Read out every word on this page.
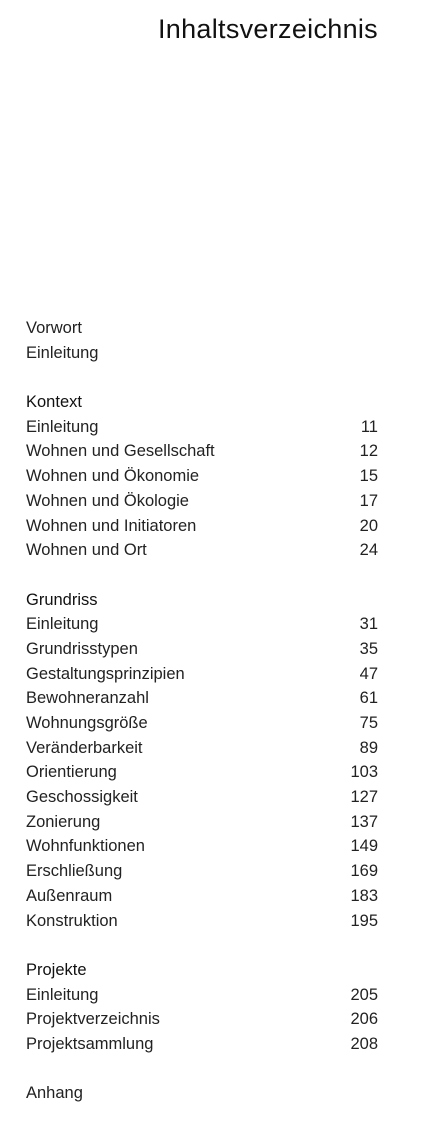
Inhaltsverzeichnis
Vorwort
Einleitung
Kontext
Einleitung	11
Wohnen und Gesellschaft	12
Wohnen und Ökonomie	15
Wohnen und Ökologie	17
Wohnen und Initiatoren	20
Wohnen und Ort	24
Grundriss
Einleitung	31
Grundrisstypen	35
Gestaltungsprinzipien	47
Bewohneranzahl	61
Wohnungsgröße	75
Veränderbarkeit	89
Orientierung	103
Geschossigkeit	127
Zonierung	137
Wohnfunktionen	149
Erschließung	169
Außenraum	183
Konstruktion	195
Projekte
Einleitung	205
Projektverzeichnis	206
Projektsammlung	208
Anhang
